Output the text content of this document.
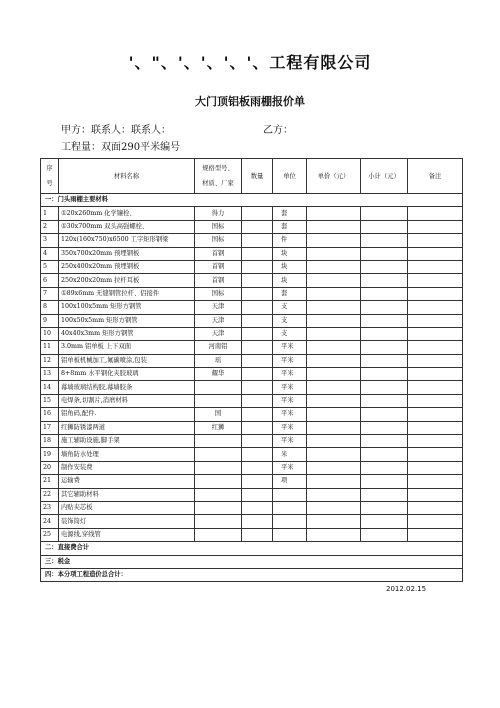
'、"、'、'、'、'、工程有限公司
大门顶铝板雨棚报价单
甲方：联系人：联系人：	乙方：
工程量：双面290平米编号
序
号	材料名称	规格型号、
材质、厂家	数量	单位	单价（元）	小计（元）	备注
一：门头雨棚主要材料							
1	①20x260mm 化学镶栓、	得力		套			
2	①30x700mm 双头高强螺栓、	国标		套			
3	120x(160x750)x6500 工字矩形钢梁	国标		件			
4	350x700x20mm 预埋钢板	首钢		块			
5	250x400x20mm 预埋钢板	首钢		块			
6	250x200x20mm 拉杆耳板	首钢		块			
7	①89x6mm 无缝钢管拉杆、侣接件	国标		套			
8	100x100x5mm 矩形方钢管	天津		支			
9	100x50x5mm 矩形方钢管	天津		支			
10	40x40x3mm 矩形方钢管	天津		支			
11	3.0mm 铝单板 上下双面	河南铝		平米			
12	铝单板机械加工,氟碳喷涂,包装	瑶		平米			
13	8+8mm 水平钢化夹胶玻璃	耀华		平米			
14	幕墙玻璃结构胶,幕墙胶条			平米			
15	电焊条,切割片,消磨材料			平米			
16	铝角码,配件.	国		平米			
17	红狮防锈漆两道	红狮		平米			
18	施工辅助设施,脚手架			平米			
19	墙角防水处理			米			
20	制作安装费			平米			
21	运输费			项			
22	其它辅助材料						
23	内贴夹芯板						
24	装饰筒灯						
25	电源线,穿线管						
二：直接费合计							
三：税金							
四：本分项工程造价总合计：							
2012.02.15
